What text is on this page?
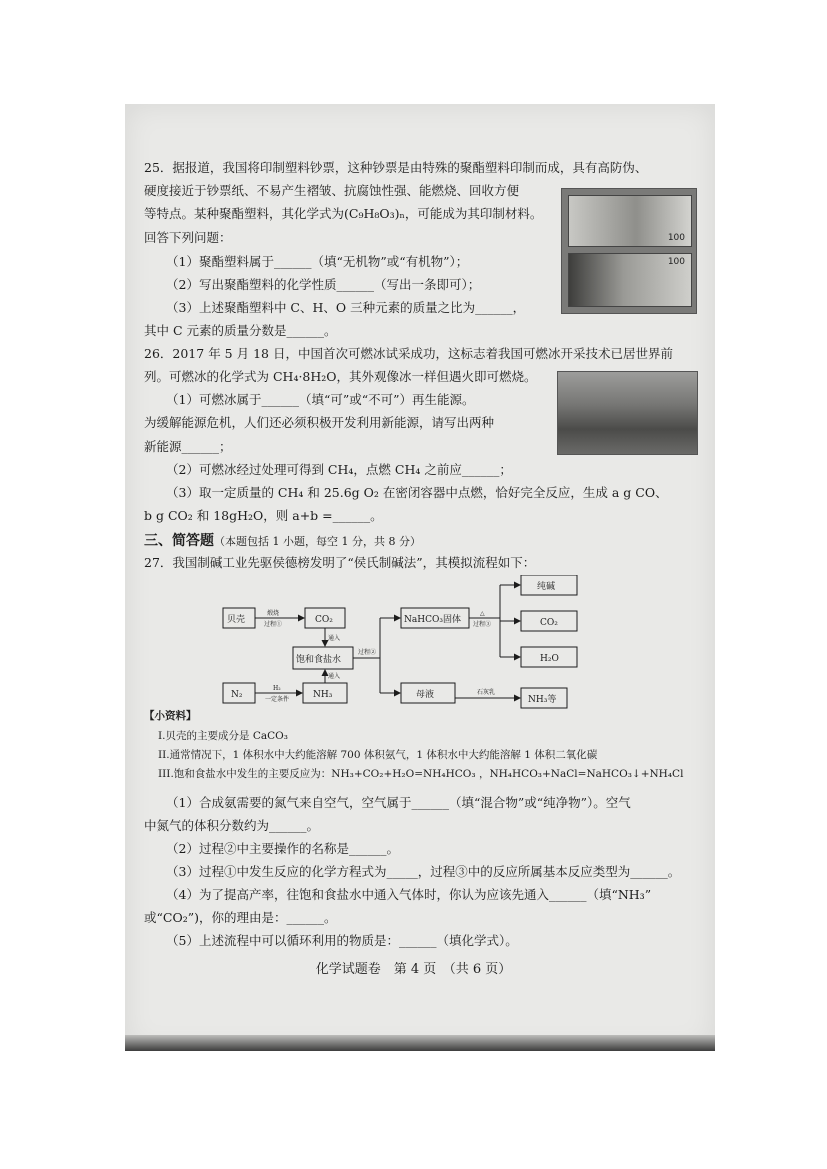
25．据报道，我国将印制塑料钞票，这种钞票是由特殊的聚酯塑料印制而成，具有高防伪、
硬度接近于钞票纸、不易产生褶皱、抗腐蚀性强、能燃烧、回收方便
等特点。某种聚酯塑料，其化学式为(C₉H₈O₃)ₙ，可能成为其印制材料。
回答下列问题：
（1）聚酯塑料属于______（填“无机物”或“有机物”）；
（2）写出聚酯塑料的化学性质______（写出一条即可）；
（3）上述聚酯塑料中 C、H、O 三种元素的质量之比为______，
其中 C 元素的质量分数是______。
100
100
26．2017 年 5 月 18 日，中国首次可燃冰试采成功，这标志着我国可燃冰开采技术已居世界前
列。可燃冰的化学式为 CH₄·8H₂O，其外观像冰一样但遇火即可燃烧。
（1）可燃冰属于______（填“可”或“不可”）再生能源。
为缓解能源危机，人们还必须积极开发利用新能源，请写出两种
新能源______；
（2）可燃冰经过处理可得到 CH₄，点燃 CH₄ 之前应______；
（3）取一定质量的 CH₄ 和 25.6g O₂ 在密闭容器中点燃，恰好完全反应，生成 a g CO、
b g CO₂ 和 18gH₂O，则 a+b =______。
三、简答题（本题包括 1 小题，每空 1 分，共 8 分）
27．我国制碱工业先驱侯德榜发明了“侯氏制碱法”，其模拟流程如下：
贝壳	CO₂
饱和食盐水
N₂	NH₃
NaHCO₃固体
母液
纯碱
CO₂
H₂O
NH₃等
煅烧
过程①
通入
H₂
一定条件
通入
过程②
△
过程③
石灰乳
【小资料】
I.贝壳的主要成分是 CaCO₃
II.通常情况下，1 体积水中大约能溶解 700 体积氨气，1 体积水中大约能溶解 1 体积二氧化碳
III.饱和食盐水中发生的主要反应为：NH₃+CO₂+H₂O=NH₄HCO₃ ，NH₄HCO₃+NaCl=NaHCO₃↓+NH₄Cl
（1）合成氨需要的氮气来自空气，空气属于______（填“混合物”或“纯净物”）。空气
中氮气的体积分数约为______。
（2）过程②中主要操作的名称是______。
（3）过程①中发生反应的化学方程式为_____，过程③中的反应所属基本反应类型为______。
（4）为了提高产率，往饱和食盐水中通入气体时，你认为应该先通入______（填“NH₃”
或“CO₂”)，你的理由是：______。
（5）上述流程中可以循环利用的物质是：______（填化学式）。
化学试题卷　第 4 页　（共 6 页）
